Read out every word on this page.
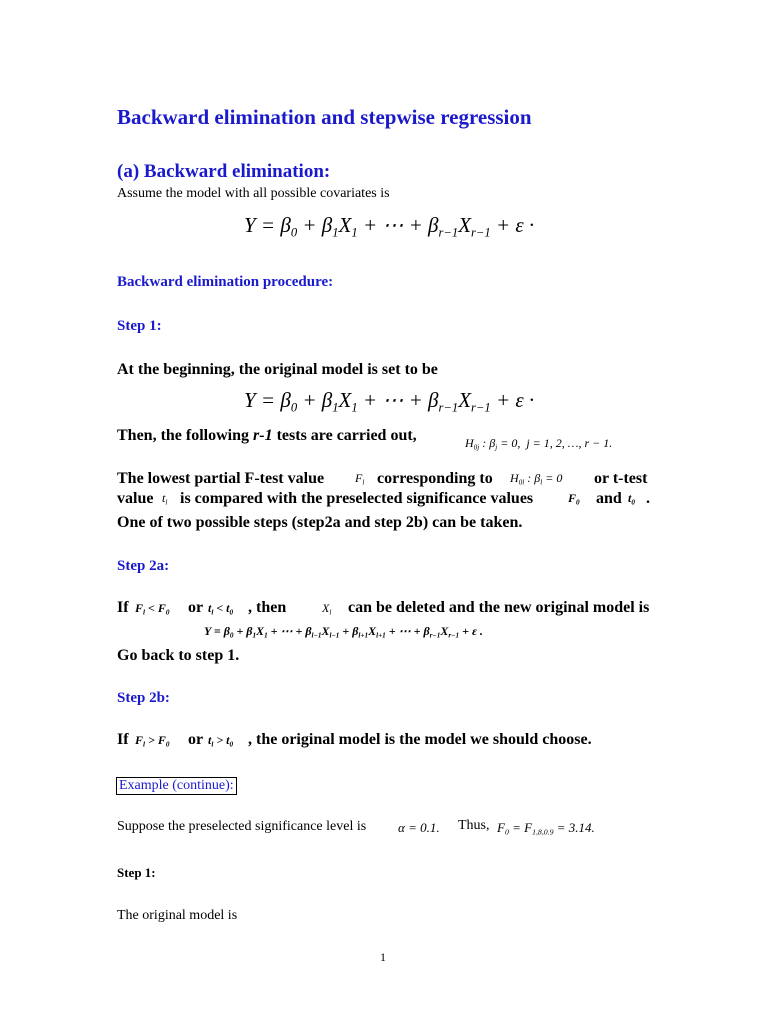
Backward elimination and stepwise regression
(a) Backward elimination:
Assume the model with all possible covariates is
$Y = \beta_0 + \beta_1X_1$ + ⋯ + $\beta_{r-1}X_{r-1} + \varepsilon$ ·
Backward elimination procedure:
Step 1:
At the beginning, the original model is set to be
$Y = \beta_0 + \beta_1X_1$ + ⋯ + $\beta_{r-1}X_{r-1} + \varepsilon$ ·
Then, the following r-1 tests are carried out,	$H_{0j}$ : $\beta_j = 0$,  j = 1, 2, …, r − 1.
The lowest partial F-test value	$F_l$ corresponding to $H_{0l}$ : $\beta_l = 0$ or t-test
value $t_l$ is compared with the preselected significance values	$F_0$ and $t_0$ .
One of two possible steps (step2a and step 2b) can be taken.
Step 2a:
If $F_l < F_0$ or $t_l < t_0$ , then	$X_l$ can be deleted and the new original model is
$Y = \beta_0 + \beta_1X_1$ + ⋯ + $\beta_{l-1}X_{l-1} + \beta_{l+1}X_{l+1}$ + ⋯ + $\beta_{r-1}X_{r-1} + \varepsilon$ .
Go back to step 1.
Step 2b:
If $F_l > F_0$ or $t_l > t_0$ , the original model is the model we should choose.
Example (continue):
Suppose the preselected significance level is α = 0.1. Thus, $F_0 = F_{1,8,0.9} = 3.14$.
Step 1:
The original model is
1
